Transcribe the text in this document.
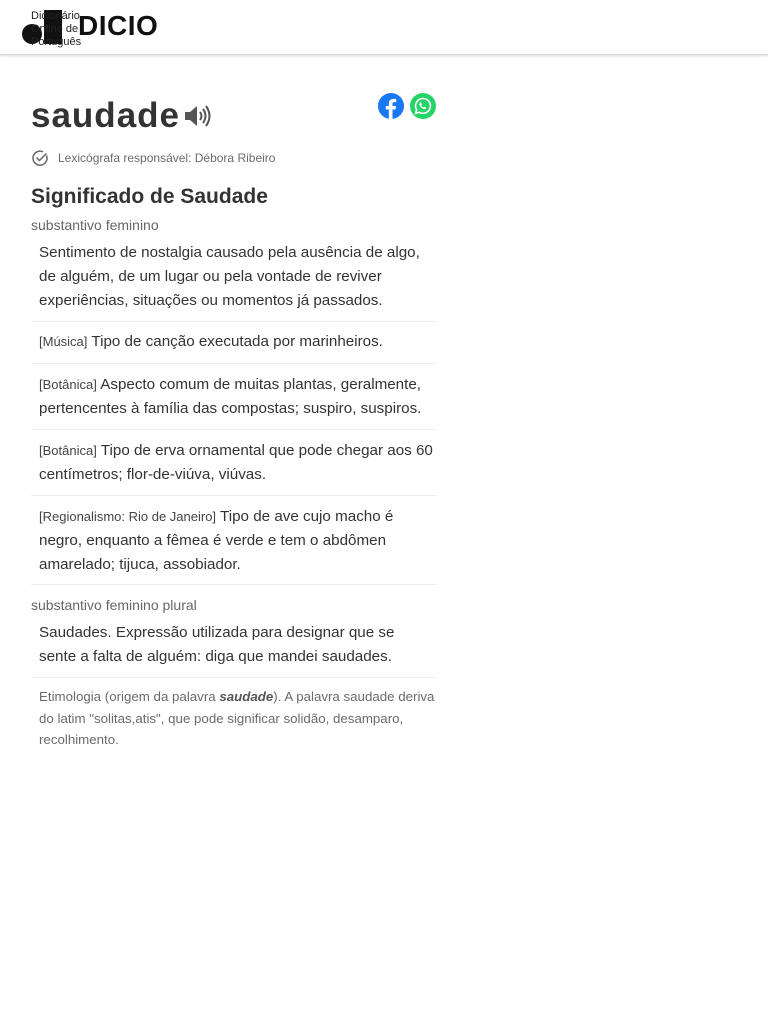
Dicionário
Online de
Português
DICIO
saudade
Lexicógrafa responsável: Débora Ribeiro
Significado de Saudade
substantivo feminino

Sentimento de nostalgia causado pela ausência de algo, de alguém, de um lugar ou pela vontade de reviver experiências, situações ou momentos já passados.

[Música] Tipo de canção executada por marinheiros.

[Botânica] Aspecto comum de muitas plantas, geralmente, pertencentes à família das compostas; suspiro, suspiros.

[Botânica] Tipo de erva ornamental que pode chegar aos 60 centímetros; flor-de-viúva, viúvas.

[Regionalismo: Rio de Janeiro] Tipo de ave cujo macho é negro, enquanto a fêmea é verde e tem o abdômen amarelado; tijuca, assobiador.

substantivo feminino plural

Saudades. Expressão utilizada para designar que se sente a falta de alguém: diga que mandei saudades.

Etimologia (origem da palavra saudade). A palavra saudade deriva do latim "solitas,atis", que pode significar solidão, desamparo, recolhimento.
